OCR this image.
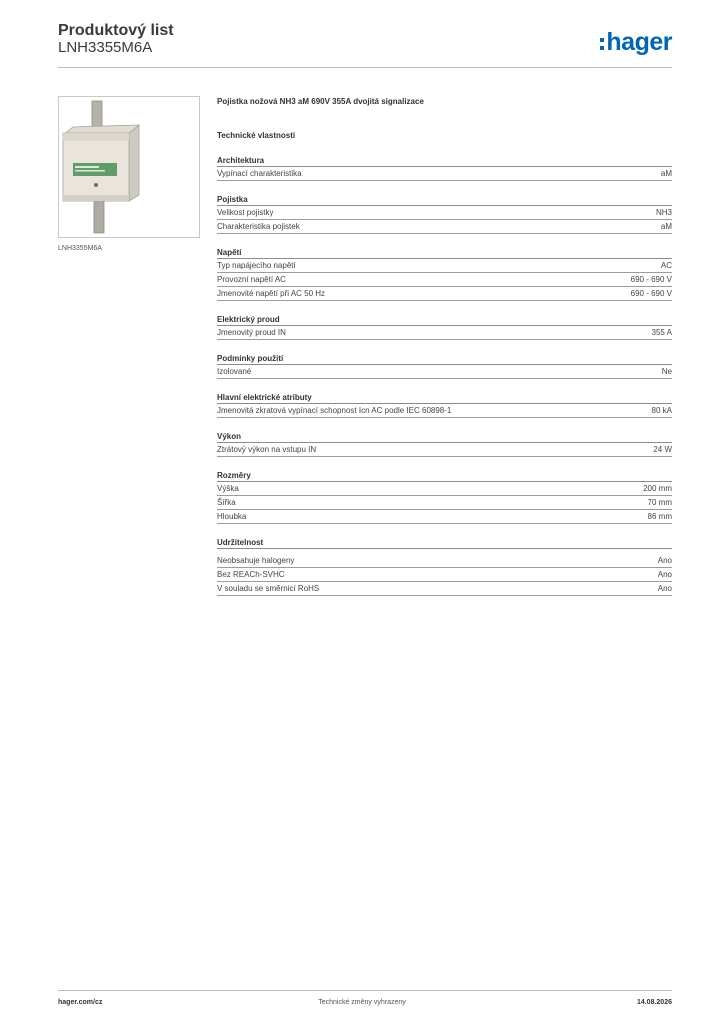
Produktový list
LNH3355M6A	hager
LNH3355M6A
Pojistka nožová NH3 aM 690V 355A dvojitá signalizace
Technické vlastnosti
Architektura
Vypínací charakteristika	aM
Pojistka
Velikost pojistky	NH3
Charakteristika pojistek	aM
Napětí
Typ napájecího napětí	AC
Provozní napětí AC	690 - 690 V
Jmenovité napětí při AC 50 Hz	690 - 690 V
Elektrický proud
Jmenovitý proud IN	355 A
Podmínky použití
Izolované	Ne
Hlavní elektrické atributy
Jmenovitá zkratová vypínací schopnost Icn AC podle IEC 60898-1	80 kA
Výkon
Ztrátový výkon na vstupu IN	24 W
Rozměry
Výška	200 mm
Šířka	70 mm
Hloubka	86 mm
Udržitelnost
Neobsahuje halogeny	Ano
Bez REACh-SVHC	Ano
V souladu se směrnicí RoHS	Ano
hager.com/cz	Technické změny vyhrazeny	14.08.2026
